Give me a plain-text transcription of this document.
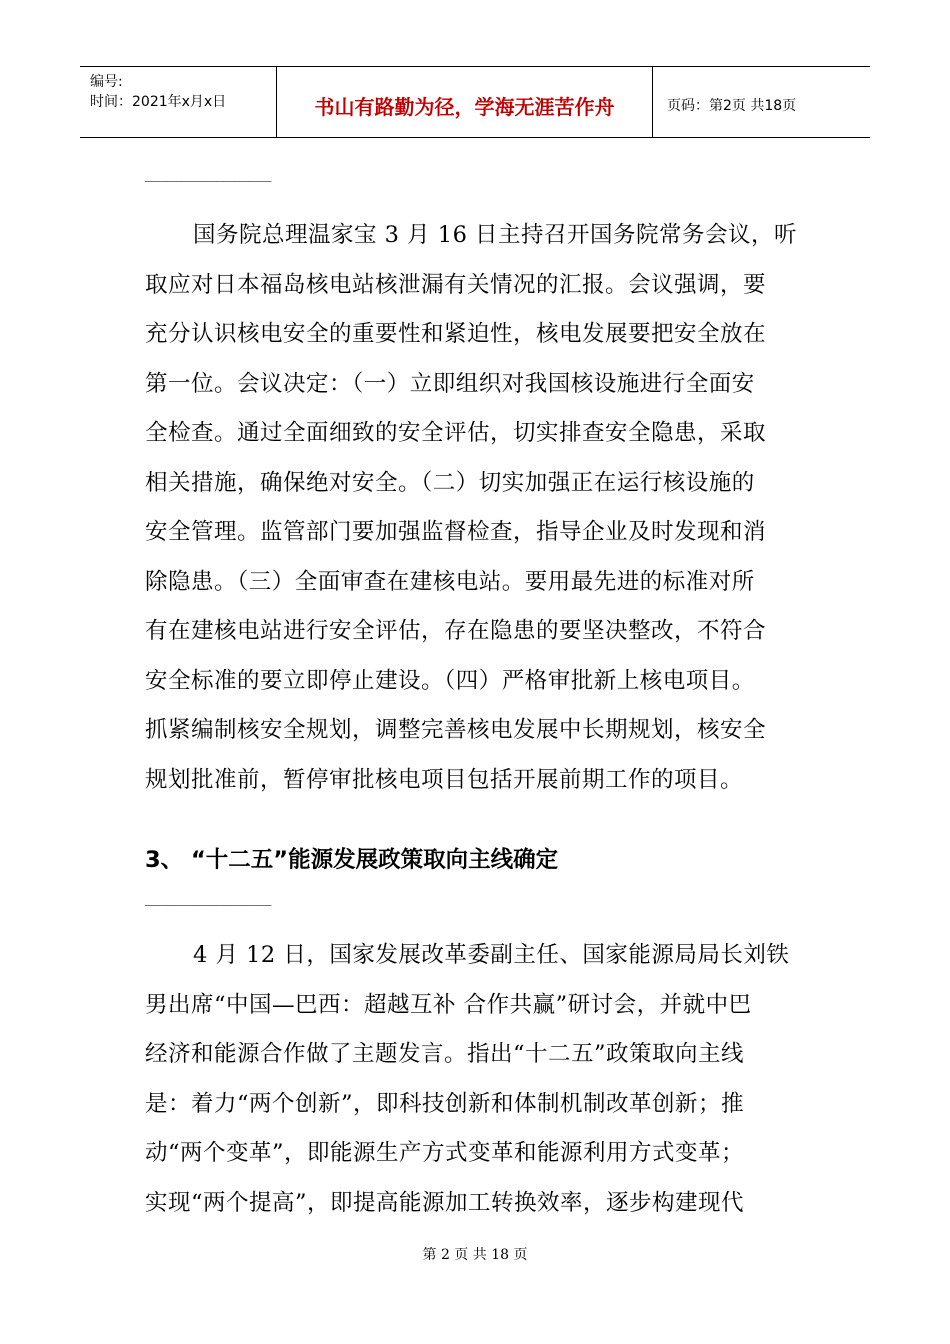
编号:
时间：2021年x月x日	书山有路勤为径，学海无涯苦作舟	页码：第2页 共18页
_______________
国务院总理温家宝 3 月 16 日主持召开国务院常务会议，听
取应对日本福岛核电站核泄漏有关情况的汇报。会议强调，要
充分认识核电安全的重要性和紧迫性，核电发展要把安全放在
第一位。会议决定：（一）立即组织对我国核设施进行全面安
全检查。通过全面细致的安全评估，切实排查安全隐患，采取
相关措施，确保绝对安全。（二）切实加强正在运行核设施的
安全管理。监管部门要加强监督检查，指导企业及时发现和消
除隐患。（三）全面审查在建核电站。要用最先进的标准对所
有在建核电站进行安全评估，存在隐患的要坚决整改，不符合
安全标准的要立即停止建设。（四）严格审批新上核电项目。
抓紧编制核安全规划，调整完善核电发展中长期规划，核安全
规划批准前，暂停审批核电项目包括开展前期工作的项目。
3、 “十二五”能源发展政策取向主线确定
_______________
4 月 12 日，国家发展改革委副主任、国家能源局局长刘铁
男出席“中国—巴西：超越互补 合作共赢”研讨会，并就中巴
经济和能源合作做了主题发言。指出“十二五”政策取向主线
是：着力“两个创新”，即科技创新和体制机制改革创新；推
动“两个变革”，即能源生产方式变革和能源利用方式变革；
实现“两个提高”，即提高能源加工转换效率，逐步构建现代
第 2 页 共 18 页
